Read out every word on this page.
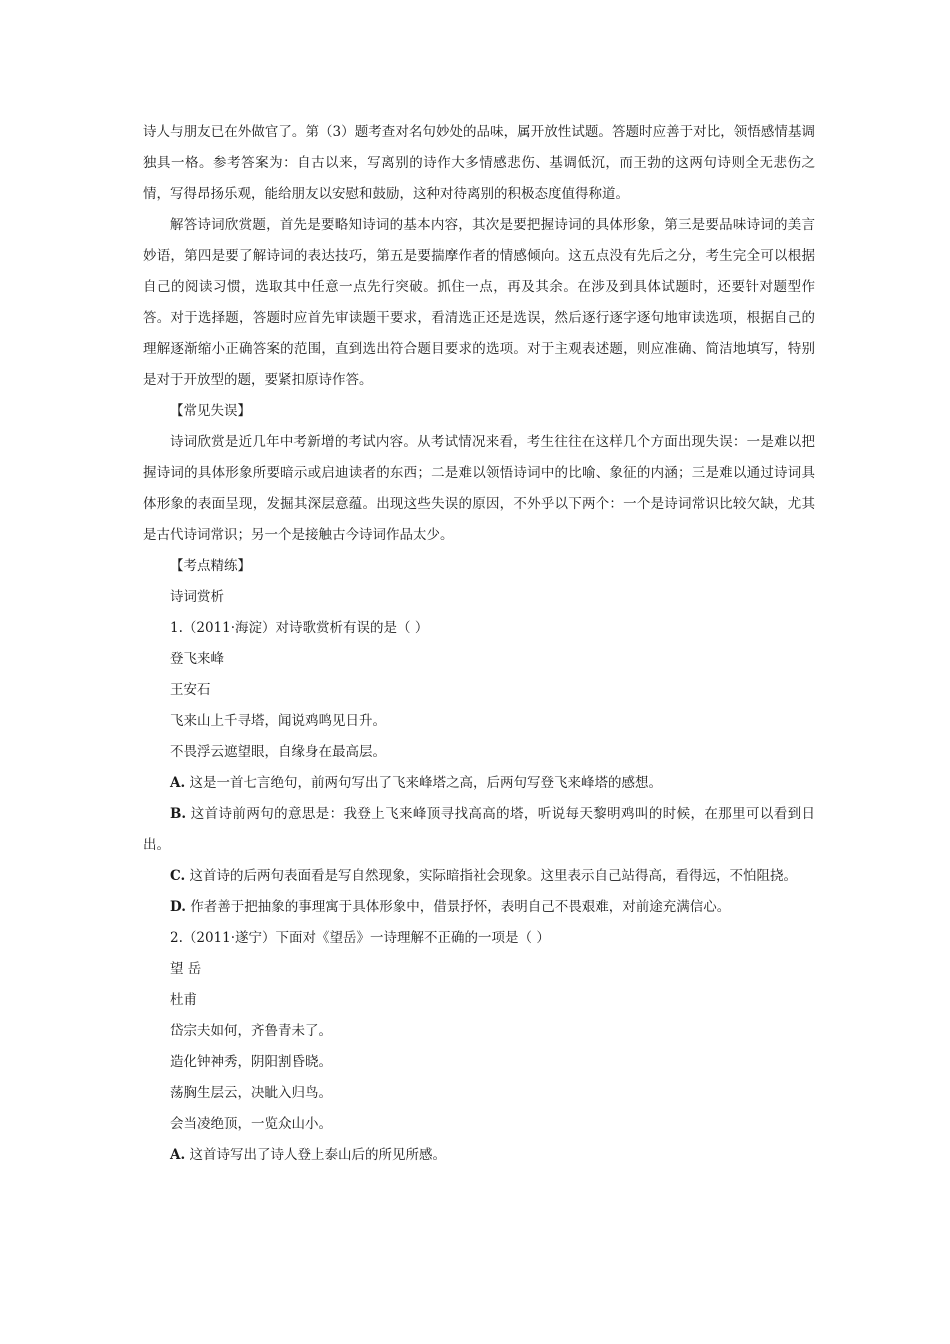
诗人与朋友已在外做官了。第（3）题考查对名句妙处的品味，属开放性试题。答题时应善于对比，领悟感情基调独具一格。参考答案为：自古以来，写离别的诗作大多情感悲伤、基调低沉，而王勃的这两句诗则全无悲伤之情，写得昂扬乐观，能给朋友以安慰和鼓励，这种对待离别的积极态度值得称道。

解答诗词欣赏题，首先是要略知诗词的基本内容，其次是要把握诗词的具体形象，第三是要品味诗词的美言妙语，第四是要了解诗词的表达技巧，第五是要揣摩作者的情感倾向。这五点没有先后之分，考生完全可以根据自己的阅读习惯，选取其中任意一点先行突破。抓住一点，再及其余。在涉及到具体试题时，还要针对题型作答。对于选择题，答题时应首先审读题干要求，看清选正还是选误，然后逐行逐字逐句地审读选项，根据自己的理解逐渐缩小正确答案的范围，直到选出符合题目要求的选项。对于主观表述题，则应准确、简洁地填写，特别是对于开放型的题，要紧扣原诗作答。

【常见失误】

诗词欣赏是近几年中考新增的考试内容。从考试情况来看，考生往往在这样几个方面出现失误：一是难以把握诗词的具体形象所要暗示或启迪读者的东西；二是难以领悟诗词中的比喻、象征的内涵；三是难以通过诗词具体形象的表面呈现，发掘其深层意蕴。出现这些失误的原因，不外乎以下两个：一个是诗词常识比较欠缺，尤其是古代诗词常识；另一个是接触古今诗词作品太少。

【考点精练】

诗词赏析

1.（2011·海淀）对诗歌赏析有误的是（ ）

登飞来峰

王安石

飞来山上千寻塔，闻说鸡鸣见日升。

不畏浮云遮望眼，自缘身在最高层。

A. 这是一首七言绝句，前两句写出了飞来峰塔之高，后两句写登飞来峰塔的感想。

B. 这首诗前两句的意思是：我登上飞来峰顶寻找高高的塔，听说每天黎明鸡叫的时候，在那里可以看到日出。

C. 这首诗的后两句表面看是写自然现象，实际暗指社会现象。这里表示自己站得高，看得远，不怕阻挠。

D. 作者善于把抽象的事理寓于具体形象中，借景抒怀，表明自己不畏艰难，对前途充满信心。

2.（2011·遂宁）下面对《望岳》一诗理解不正确的一项是（ ）

望 岳

杜甫

岱宗夫如何，齐鲁青未了。

造化钟神秀，阴阳割昏晓。

荡胸生层云，决眦入归鸟。

会当凌绝顶，一览众山小。

A. 这首诗写出了诗人登上泰山后的所见所感。
